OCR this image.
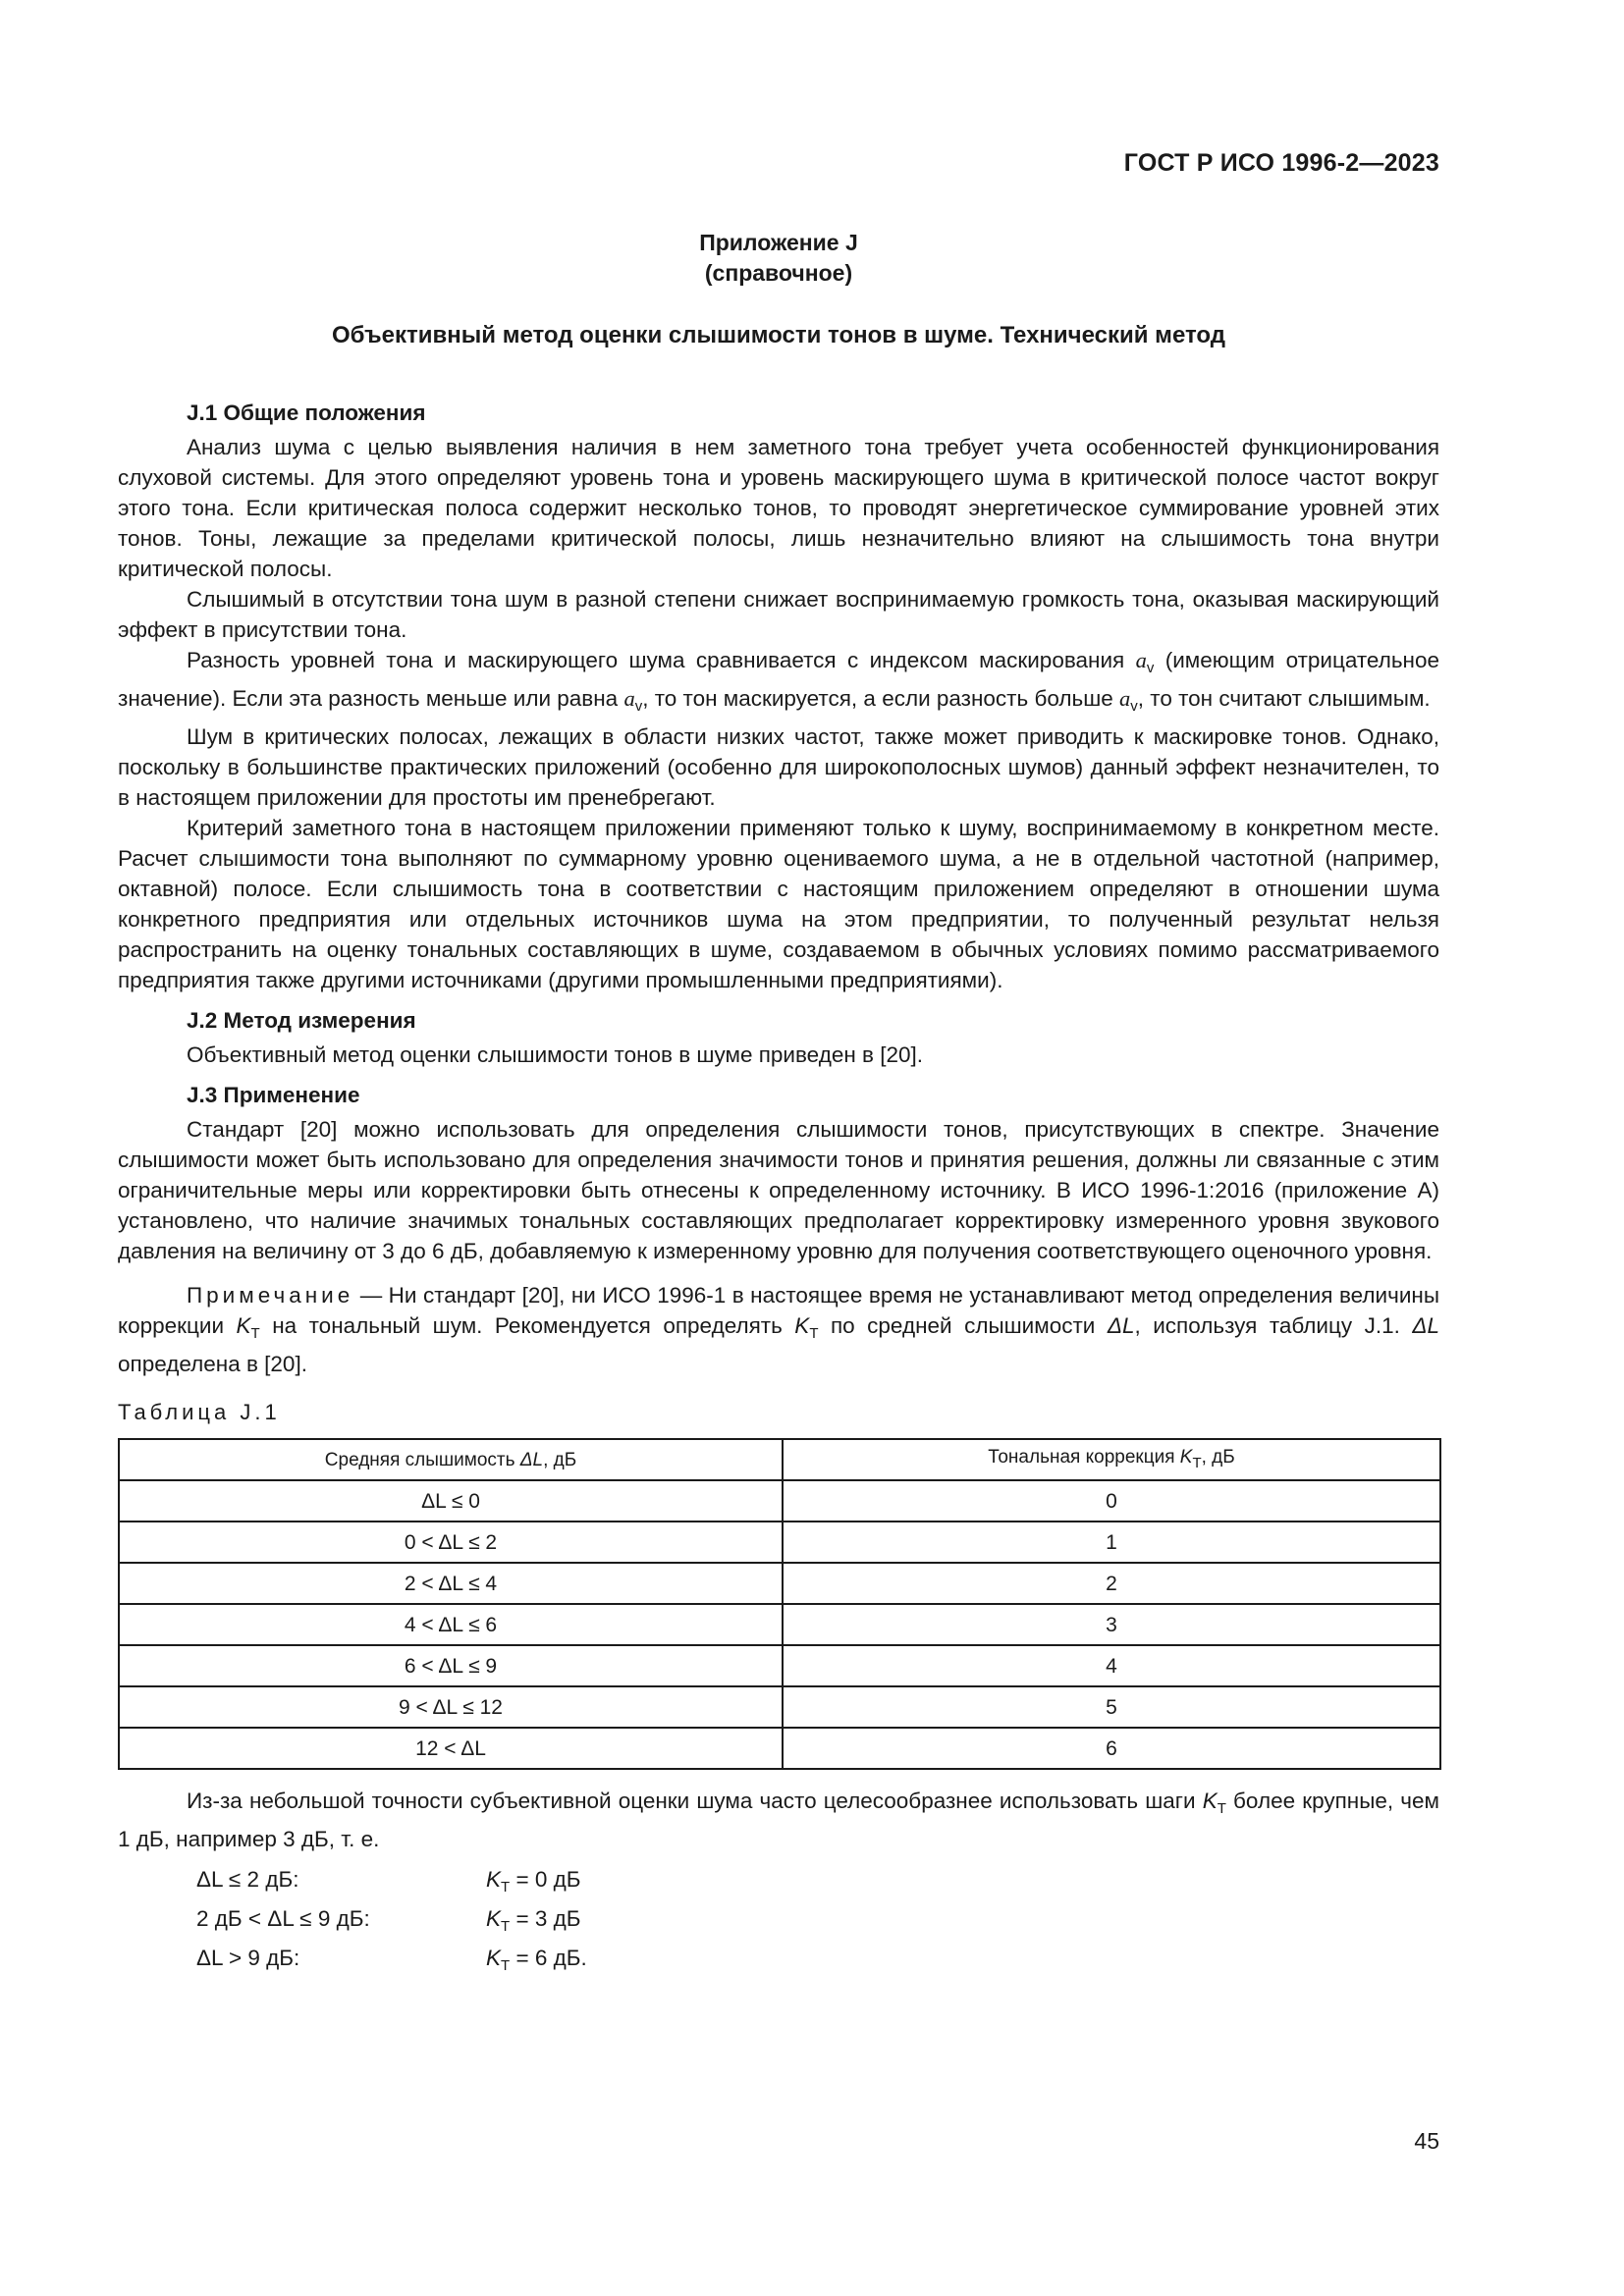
ГОСТ Р ИСО 1996-2—2023
Приложение J
(справочное)
Объективный метод оценки слышимости тонов в шуме. Технический метод
J.1 Общие положения

Анализ шума с целью выявления наличия в нем заметного тона требует учета особенностей функционирования слуховой системы. Для этого определяют уровень тона и уровень маскирующего шума в критической полосе частот вокруг этого тона. Если критическая полоса содержит несколько тонов, то проводят энергетическое суммирование уровней этих тонов. Тоны, лежащие за пределами критической полосы, лишь незначительно влияют на слышимость тона внутри критической полосы.

Слышимый в отсутствии тона шум в разной степени снижает воспринимаемую громкость тона, оказывая маскирующий эффект в присутствии тона.

Разность уровней тона и маскирующего шума сравнивается с индексом маскирования $a_v$ (имеющим отрицательное значение). Если эта разность меньше или равна $a_v$, то тон маскируется, а если разность больше $a_v$, то тон считают слышимым.

Шум в критических полосах, лежащих в области низких частот, также может приводить к маскировке тонов. Однако, поскольку в большинстве практических приложений (особенно для широкополосных шумов) данный эффект незначителен, то в настоящем приложении для простоты им пренебрегают.

Критерий заметного тона в настоящем приложении применяют только к шуму, воспринимаемому в конкретном месте. Расчет слышимости тона выполняют по суммарному уровню оцениваемого шума, а не в отдельной частотной (например, октавной) полосе. Если слышимость тона в соответствии с настоящим приложением определяют в отношении шума конкретного предприятия или отдельных источников шума на этом предприятии, то полученный результат нельзя распространить на оценку тональных составляющих в шуме, создаваемом в обычных условиях помимо рассматриваемого предприятия также другими источниками (другими промышленными предприятиями).

J.2 Метод измерения

Объективный метод оценки слышимости тонов в шуме приведен в [20].

J.3 Применение

Стандарт [20] можно использовать для определения слышимости тонов, присутствующих в спектре. Значение слышимости может быть использовано для определения значимости тонов и принятия решения, должны ли связанные с этим ограничительные меры или корректировки быть отнесены к определенному источнику. В ИСО 1996-1:2016 (приложение А) установлено, что наличие значимых тональных составляющих предполагает корректировку измеренного уровня звукового давления на величину от 3 до 6 дБ, добавляемую к измеренному уровню для получения соответствующего оценочного уровня.

Примечание — Ни стандарт [20], ни ИСО 1996-1 в настоящее время не устанавливают метод определения величины коррекции $K_T$ на тональный шум. Рекомендуется определять $K_T$ по средней слышимости ΔL, используя таблицу J.1. ΔL определена в [20].

Таблица J.1
Средняя слышимость ΔL, дБ	Тональная коррекция $K_T$, дБ
ΔL ≤ 0	0
0 < ΔL ≤ 2	1
2 < ΔL ≤ 4	2
4 < ΔL ≤ 6	3
6 < ΔL ≤ 9	4
9 < ΔL ≤ 12	5
12 < ΔL	6

Из-за небольшой точности субъективной оценки шума часто целесообразнее использовать шаги $K_T$ более крупные, чем 1 дБ, например 3 дБ, т. е.

ΔL ≤ 2 дБ:	$K_T = 0$ дБ
2 дБ < ΔL ≤ 9 дБ:	$K_T = 3$ дБ
ΔL > 9 дБ:	$K_T = 6$ дБ.
45
